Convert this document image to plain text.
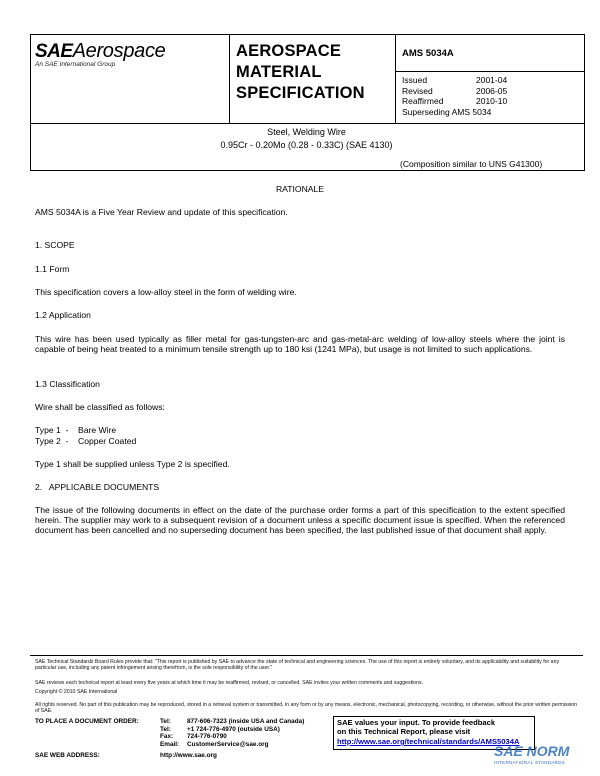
SAEAerospace
An SAE International Group
AEROSPACE
MATERIAL
SPECIFICATION
AMS 5034A
Issued
Revised
Reaffirmed
2001-04
2006-05
2010-10
Superseding AMS 5034
Steel, Welding Wire
0.95Cr - 0.20Mo (0.28 - 0.33C) (SAE 4130)
(Composition similar to UNS G41300)
RATIONALE
AMS 5034A is a Five Year Review and update of this specification.
1. SCOPE
1.1 Form
This specification covers a low-alloy steel in the form of welding wire.
1.2 Application
This wire has been used typically as filler metal for gas-tungsten-arc and gas-metal-arc welding of low-alloy steels where the joint is capable of being heat treated to a minimum tensile strength up to 180 ksi (1241 MPa), but usage is not limited to such applications.
1.3 Classification
Wire shall be classified as follows:
Type 1  -    Bare Wire
Type 2  -    Copper Coated
Type 1 shall be supplied unless Type 2 is specified.
2.   APPLICABLE DOCUMENTS
The issue of the following documents in effect on the date of the purchase order forms a part of this specification to the extent specified herein. The supplier may work to a subsequent revision of a document unless a specific document issue is specified. When the referenced document has been cancelled and no superseding document has been specified, the last published issue of that document shall apply.
SAE Technical Standards Board Rules provide that: "This report is published by SAE to advance the state of technical and engineering sciences. The use of this report is entirely voluntary, and its applicability and suitability for any particular use, including any patent infringement arising therefrom, is the sole responsibility of the user."
SAE reviews each technical report at least every five years at which time it may be reaffirmed, revised, or cancelled. SAE invites your written comments and suggestions.
Copyright © 2010 SAE International
All rights reserved. No part of this publication may be reproduced, stored in a retrieval system or transmitted, in any form or by any means, electronic, mechanical, photocopying, recording, or otherwise, without the prior written permission of SAE.
TO PLACE A DOCUMENT ORDER:	Tel:
Tel:
Fax:
Email:
877-606-7323 (inside USA and Canada)
+1 724-776-4970 (outside USA)
724-776-0790
CustomerService@sae.org
SAE WEB ADDRESS:	http://www.sae.org
SAE values your input. To provide feedback
on this Technical Report, please visit
http://www.sae.org/technical/standards/AMS5034A
SAE NORM
INTERNATIONAL STANDARDS
